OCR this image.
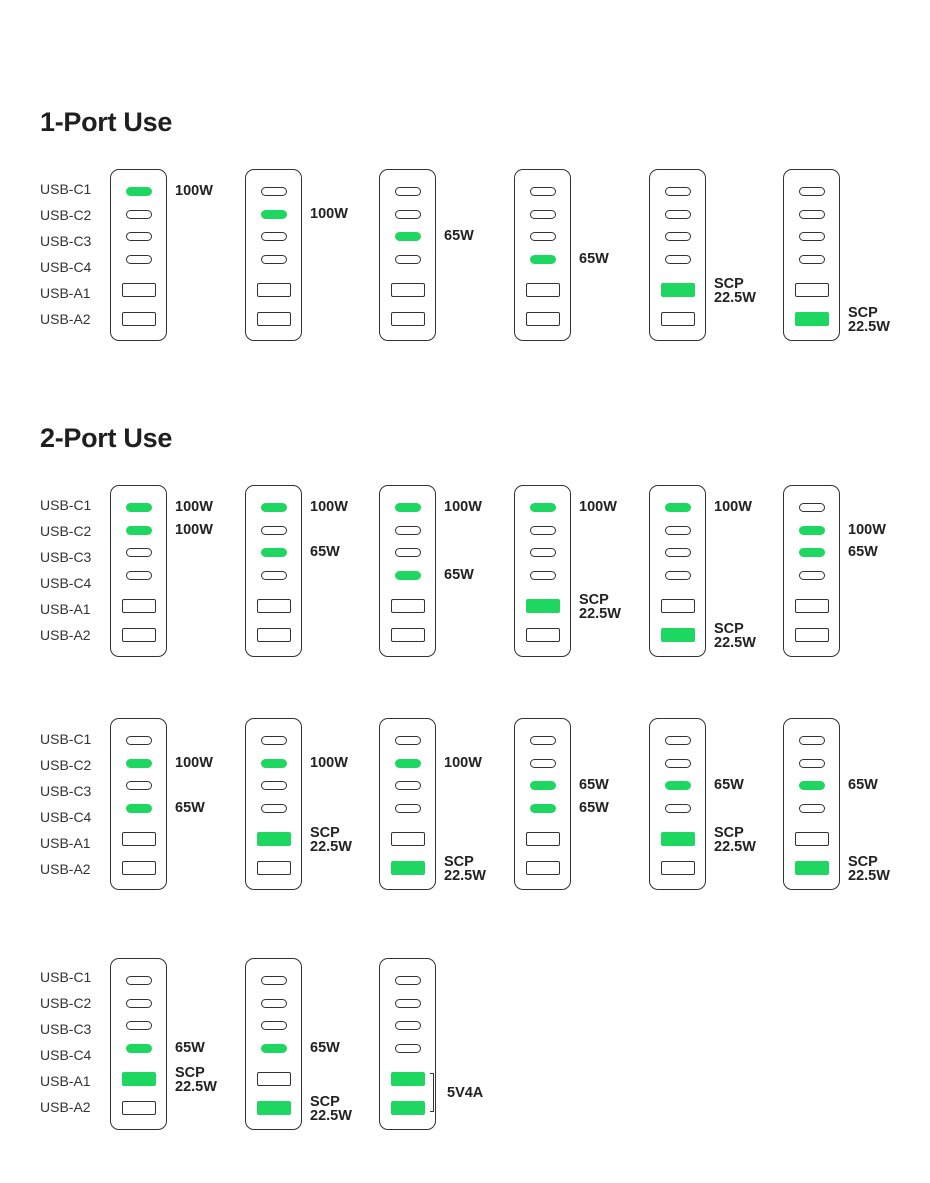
1-Port Use
2-Port Use
USB-C1
USB-C2
USB-C3
USB-C4
USB-A1
USB-A2
100W
100W
65W
65W
SCP
22.5W
SCP
22.5W
USB-C1
USB-C2
USB-C3
USB-C4
USB-A1
USB-A2
100W
100W
100W
65W
100W
65W
100W
SCP
22.5W
100W
SCP
22.5W
100W
65W
USB-C1
USB-C2
USB-C3
USB-C4
USB-A1
USB-A2
100W
65W
100W
SCP
22.5W
100W
SCP
22.5W
65W
65W
65W
SCP
22.5W
65W
SCP
22.5W
USB-C1
USB-C2
USB-C3
USB-C4
USB-A1
USB-A2
65W
SCP
22.5W
65W
SCP
22.5W
5V4A
